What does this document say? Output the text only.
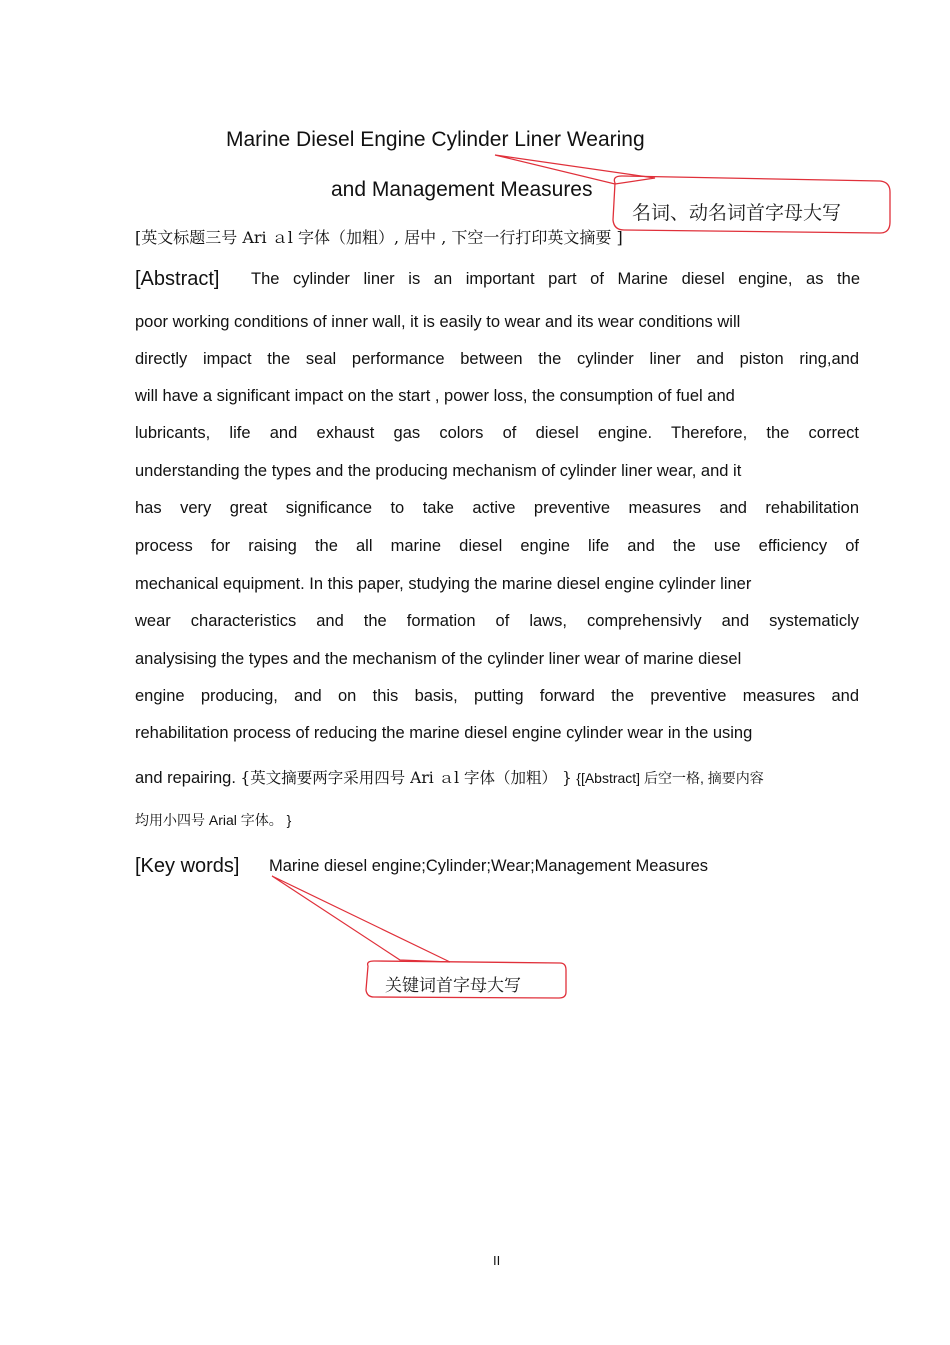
Marine Diesel Engine Cylinder Liner Wearing
and Management Measures
名词、动名词首字母大写
[英文标题三号 Ari ａl 字体（加粗）, 居中 , 下空一行打印英文摘要 ]
[Abstract] The cylinder liner is an important part of Marine diesel engine, as the
poor working conditions of inner wall, it is easily to wear and its wear conditions will
directly impact the seal performance between the cylinder liner and piston ring,and
will have a significant impact on the start , power loss, the consumption of fuel and
lubricants, life and exhaust gas colors of diesel engine. Therefore, the correct
understanding the types and the producing mechanism of cylinder liner wear, and it
has very great significance to take active preventive measures and rehabilitation
process for raising the all marine diesel engine life and the use efficiency of
mechanical equipment. In this paper, studying the marine diesel engine cylinder liner
wear characteristics and the formation of laws, comprehensivly and systematicly
analysising the types and the mechanism of the cylinder liner wear of marine diesel
engine producing, and on this basis, putting forward the preventive measures and
rehabilitation process of reducing the marine diesel engine cylinder wear in the using
and repairing. {英文摘要两字采用四号 Ari ａl 字体（加粗） } {[Abstract] 后空一格, 摘要内容
均用小四号 Arial 字体。 }
[Key words] Marine diesel engine;Cylinder;Wear;Management Measures
关键词首字母大写
II
